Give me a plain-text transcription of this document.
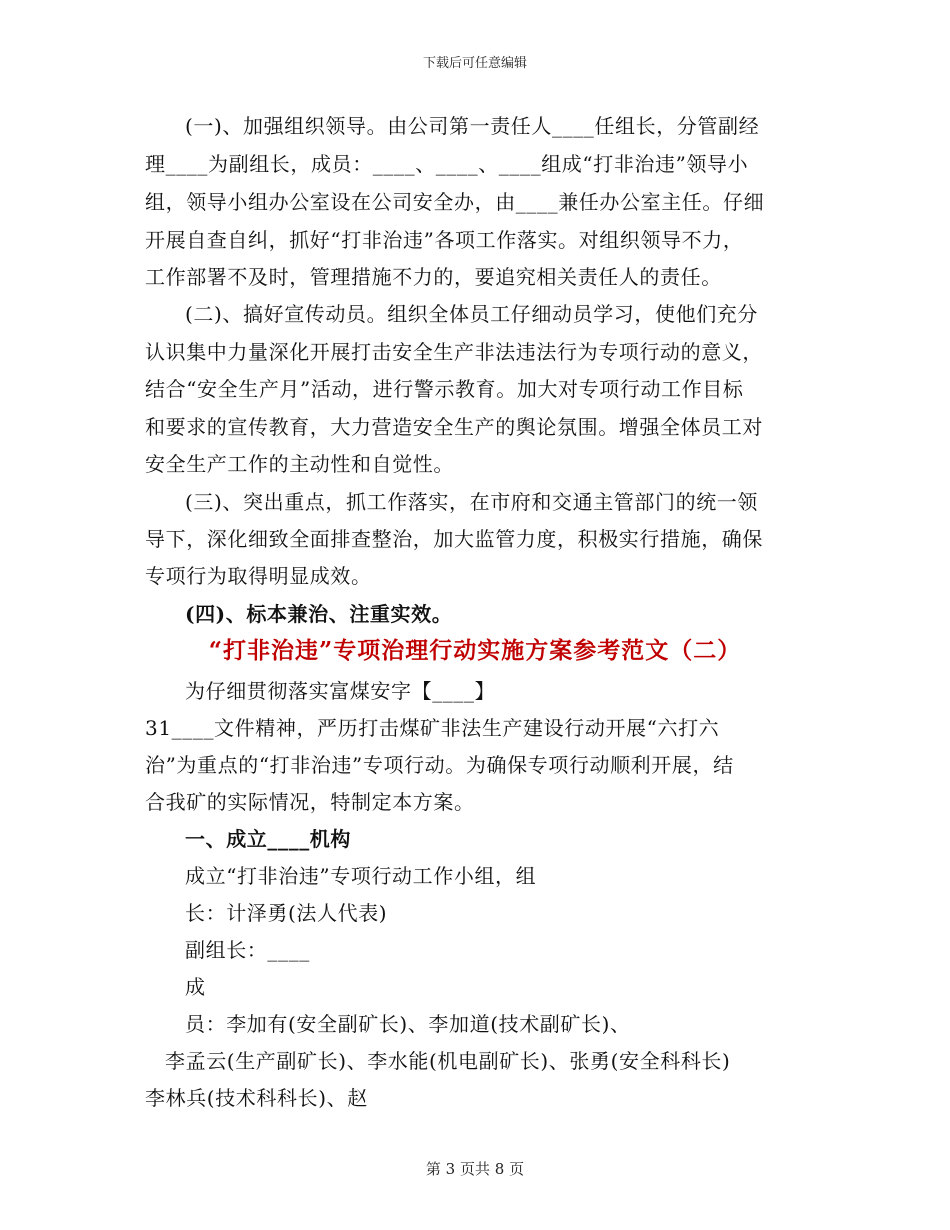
下载后可任意编辑
(一)、加强组织领导。由公司第一责任人____任组长，分管副经
理____为副组长，成员：____、____、____组成“打非治违”领导小
组，领导小组办公室设在公司安全办，由____兼任办公室主任。仔细
开展自查自纠，抓好“打非治违”各项工作落实。对组织领导不力，
工作部署不及时，管理措施不力的，要追究相关责任人的责任。
(二)、搞好宣传动员。组织全体员工仔细动员学习，使他们充分
认识集中力量深化开展打击安全生产非法违法行为专项行动的意义，
结合“安全生产月”活动，进行警示教育。加大对专项行动工作目标
和要求的宣传教育，大力营造安全生产的舆论氛围。增强全体员工对
安全生产工作的主动性和自觉性。
(三)、突出重点，抓工作落实，在市府和交通主管部门的统一领
导下，深化细致全面排查整治，加大监管力度，积极实行措施，确保
专项行为取得明显成效。
(四)、标本兼治、注重实效。
“打非治违”专项治理行动实施方案参考范文（二）
为仔细贯彻落实富煤安字【____】
31____文件精神，严历打击煤矿非法生产建设行动开展“六打六
治”为重点的“打非治违”专项行动。为确保专项行动顺利开展，结
合我矿的实际情况，特制定本方案。
一、成立____机构
成立“打非治违”专项行动工作小组，组
长：计泽勇(法人代表)
副组长：____
成
员：李加有(安全副矿长)、李加道(技术副矿长)、
李孟云(生产副矿长)、李水能(机电副矿长)、张勇(安全科科长)
李林兵(技术科科长)、赵
第 3 页共 8 页
